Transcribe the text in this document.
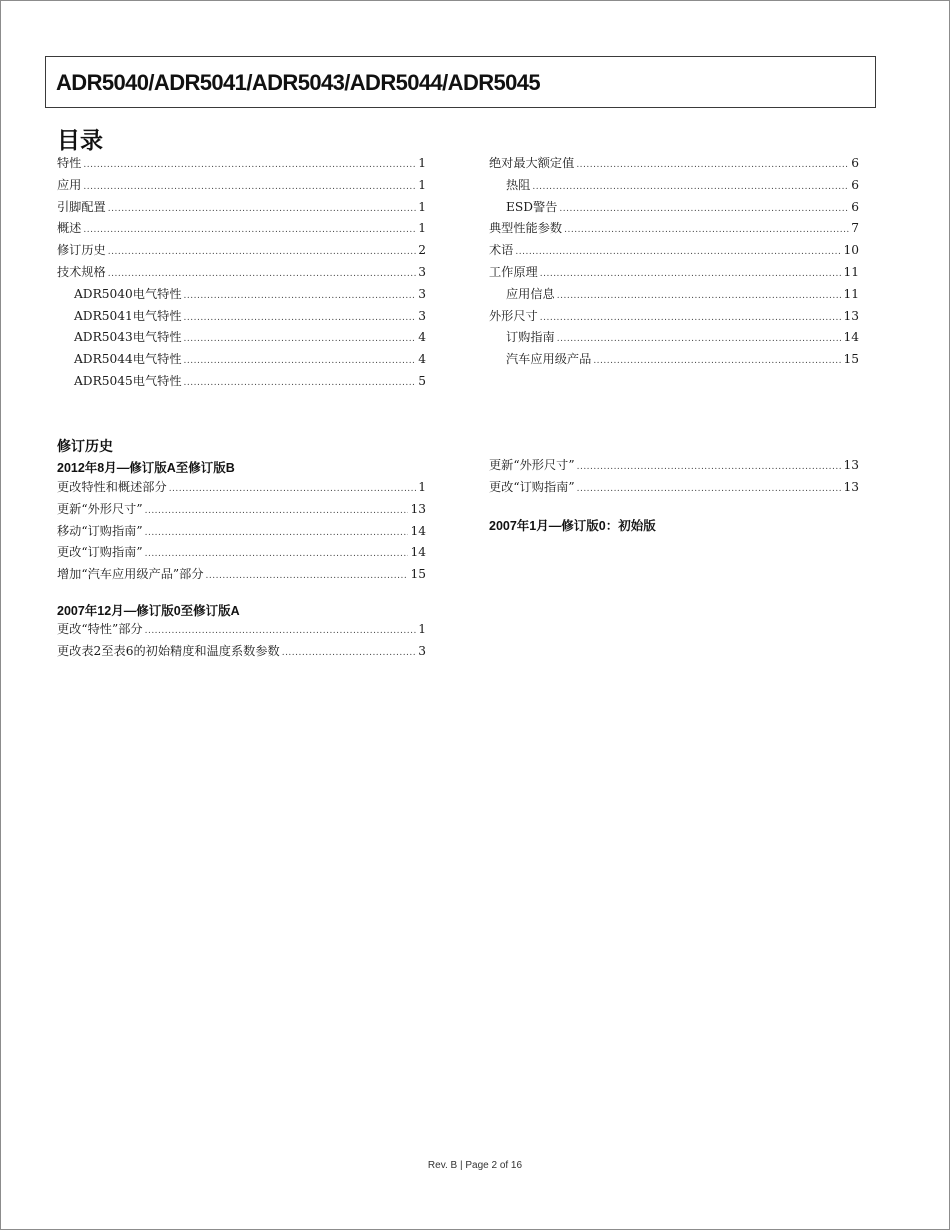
ADR5040/ADR5041/ADR5043/ADR5044/ADR5045
目录
特性 .....	1
应用 .....	1
引脚配置 .....	1
概述 .....	1
修订历史 .....	2
技术规格 .....	3
ADR5040电气特性 .....	3
ADR5041电气特性 .....	3
ADR5043电气特性 .....	4
ADR5044电气特性 .....	4
ADR5045电气特性 .....	5
绝对最大额定值 .....	6
热阻 .....	6
ESD警告 .....	6
典型性能参数 .....	7
术语 .....	10
工作原理 .....	11
应用信息 .....	11
外形尺寸 .....	13
订购指南 .....	14
汽车应用级产品 .....	15
修订历史
2012年8月—修订版A至修订版B
更改特性和概述部分 .....	1
更新“外形尺寸” .....	13
移动“订购指南” .....	14
更改“订购指南” .....	14
增加“汽车应用级产品”部分 .....	15
更新“外形尺寸” .....	13
更改“订购指南” .....	13
2007年1月—修订版0：初始版
2007年12月—修订版0至修订版A
更改“特性”部分 .....	1
更改表2至表6的初始精度和温度系数参数 .....	3
Rev. B | Page 2 of 16
